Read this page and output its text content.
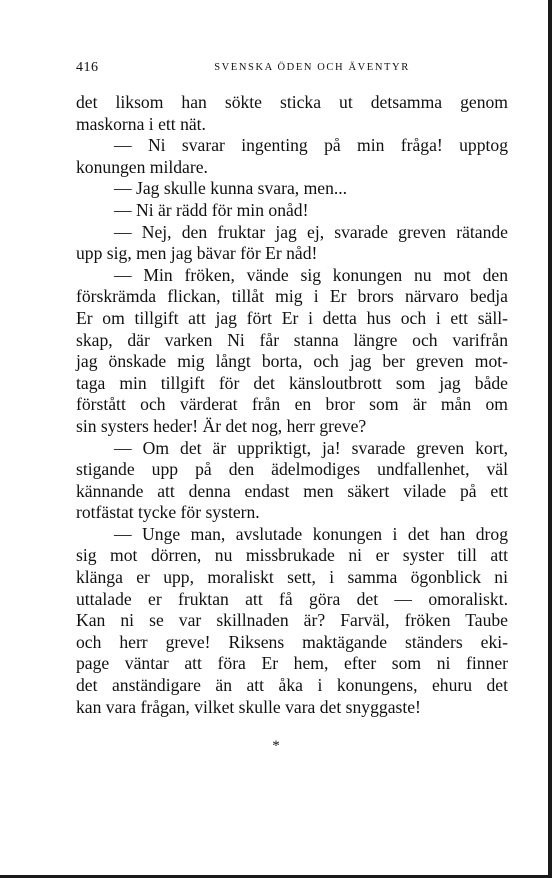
416	SVENSKA ÖDEN OCH ÄVENTYR
det liksom han sökte sticka ut detsamma genom
maskorna i ett nät.
— Ni svarar ingenting på min fråga! upptog
konungen mildare.
— Jag skulle kunna svara, men...
— Ni är rädd för min onåd!
— Nej, den fruktar jag ej, svarade greven rätande
upp sig, men jag bävar för Er nåd!
— Min fröken, vände sig konungen nu mot den
förskrämda flickan, tillåt mig i Er brors närvaro bedja
Er om tillgift att jag fört Er i detta hus och i ett säll-
skap, där varken Ni får stanna längre och varifrån
jag önskade mig långt borta, och jag ber greven mot-
taga min tillgift för det känsloutbrott som jag både
förstått och värderat från en bror som är mån om
sin systers heder! Är det nog, herr greve?
— Om det är uppriktigt, ja! svarade greven kort,
stigande upp på den ädelmodiges undfallenhet, väl
kännande att denna endast men säkert vilade på ett
rotfästat tycke för systern.
— Unge man, avslutade konungen i det han drog
sig mot dörren, nu missbrukade ni er syster till att
klänga er upp, moraliskt sett, i samma ögonblick ni
uttalade er fruktan att få göra det — omoraliskt.
Kan ni se var skillnaden är? Farväl, fröken Taube
och herr greve! Riksens maktägande ständers eki-
page väntar att föra Er hem, efter som ni finner
det anständigare än att åka i konungens, ehuru det
kan vara frågan, vilket skulle vara det snyggaste!
*
